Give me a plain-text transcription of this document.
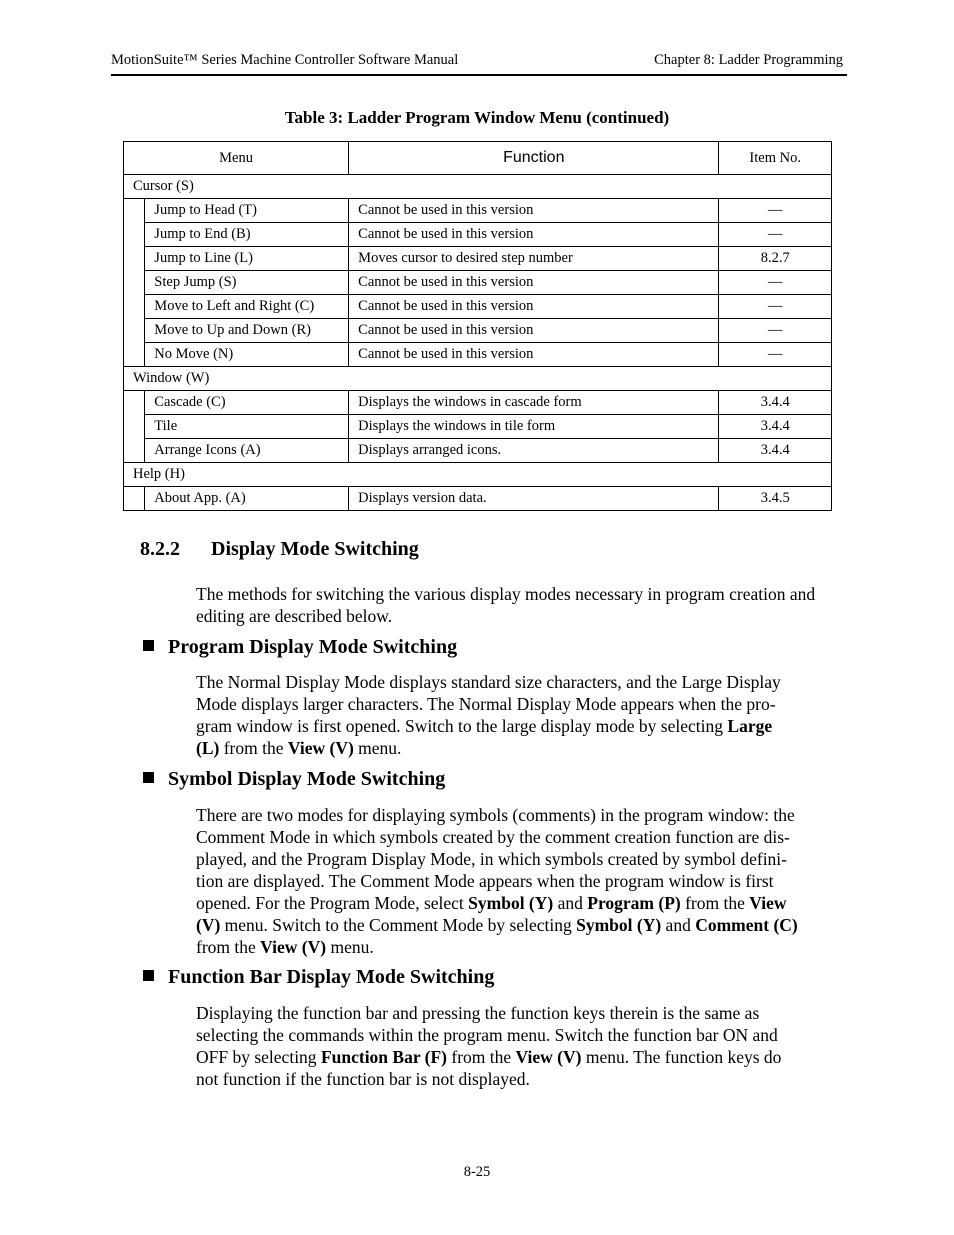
MotionSuite™ Series Machine Controller Software Manual	Chapter 8: Ladder Programming
Table 3: Ladder Program Window Menu (continued)
Menu		Function	Item No.
Cursor (S)			
	Jump to Head (T)	Cannot be used in this version	—
	Jump to End (B)	Cannot be used in this version	—
	Jump to Line (L)	Moves cursor to desired step number	8.2.7
	Step Jump (S)	Cannot be used in this version	—
	Move to Left and Right (C)	Cannot be used in this version	—
	Move to Up and Down (R)	Cannot be used in this version	—
	No Move (N)	Cannot be used in this version	—
Window (W)			
	Cascade (C)	Displays the windows in cascade form	3.4.4
	Tile	Displays the windows in tile form	3.4.4
	Arrange Icons (A)	Displays arranged icons.	3.4.4
Help (H)			
	About App. (A)	Displays version data.	3.4.5
8.2.2 Display Mode Switching

The methods for switching the various display modes necessary in program creation and editing are described below.

Program Display Mode Switching

The Normal Display Mode displays standard size characters, and the Large Display
Mode displays larger characters. The Normal Display Mode appears when the pro-
gram window is first opened. Switch to the large display mode by selecting Large
(L) from the View (V) menu.

Symbol Display Mode Switching

There are two modes for displaying symbols (comments) in the program window: the
Comment Mode in which symbols created by the comment creation function are dis-
played, and the Program Display Mode, in which symbols created by symbol defini-
tion are displayed. The Comment Mode appears when the program window is first
opened. For the Program Mode, select Symbol (Y) and Program (P) from the View
(V) menu. Switch to the Comment Mode by selecting Symbol (Y) and Comment (C)
from the View (V) menu.

Function Bar Display Mode Switching

Displaying the function bar and pressing the function keys therein is the same as
selecting the commands within the program menu. Switch the function bar ON and
OFF by selecting Function Bar (F) from the View (V) menu. The function keys do
not function if the function bar is not displayed.

8-25
